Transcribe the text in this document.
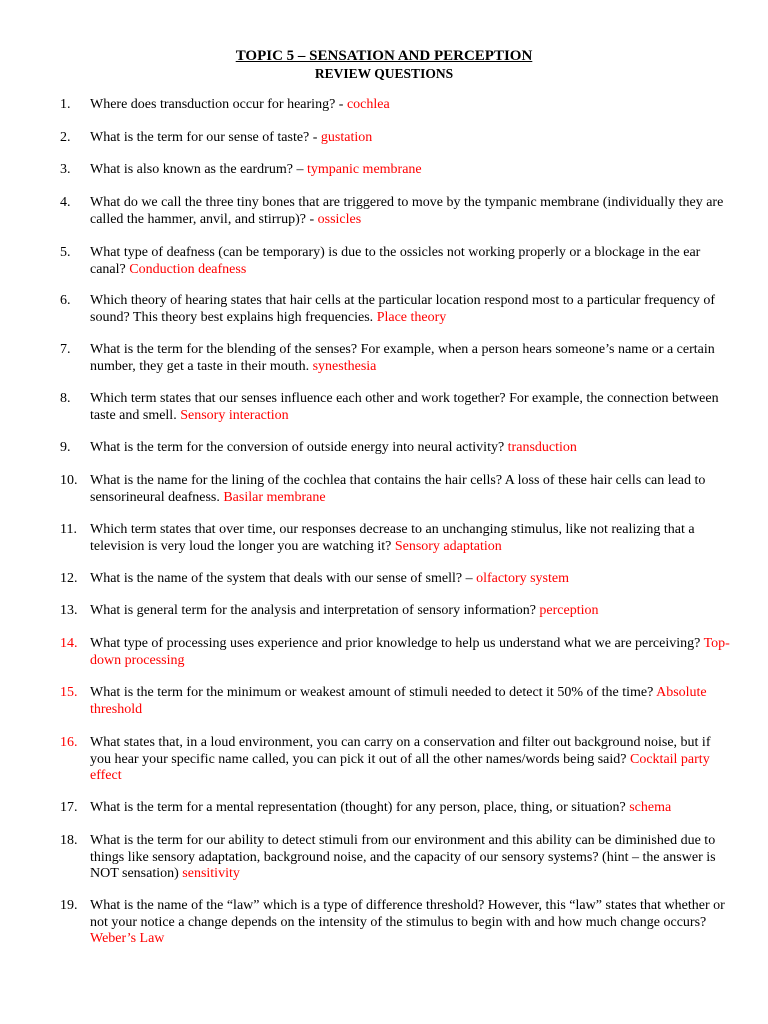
TOPIC 5 – SENSATION AND PERCEPTION
REVIEW QUESTIONS
1.	Where does transduction occur for hearing? - cochlea
2.	What is the term for our sense of taste? - gustation
3.	What is also known as the eardrum? – tympanic membrane
4.	What do we call the three tiny bones that are triggered to move by the tympanic membrane (individually they are called the hammer, anvil, and stirrup)? - ossicles
5.	What type of deafness (can be temporary) is due to the ossicles not working properly or a blockage in the ear canal? Conduction deafness
6.	Which theory of hearing states that hair cells at the particular location respond most to a particular frequency of sound? This theory best explains high frequencies. Place theory
7.	What is the term for the blending of the senses? For example, when a person hears someone’s name or a certain number, they get a taste in their mouth. synesthesia
8.	Which term states that our senses influence each other and work together? For example, the connection between taste and smell. Sensory interaction
9.	What is the term for the conversion of outside energy into neural activity? transduction
10. What is the name for the lining of the cochlea that contains the hair cells? A loss of these hair cells can lead to sensorineural deafness. Basilar membrane
11. Which term states that over time, our responses decrease to an unchanging stimulus, like not realizing that a television is very loud the longer you are watching it? Sensory adaptation
12. What is the name of the system that deals with our sense of smell? – olfactory system
13. What is general term for the analysis and interpretation of sensory information? perception
14. What type of processing uses experience and prior knowledge to help us understand what we are perceiving? Top-down processing
15. What is the term for the minimum or weakest amount of stimuli needed to detect it 50% of the time? Absolute threshold
16. What states that, in a loud environment, you can carry on a conservation and filter out background noise, but if you hear your specific name called, you can pick it out of all the other names/words being said? Cocktail party effect
17. What is the term for a mental representation (thought) for any person, place, thing, or situation? schema
18. What is the term for our ability to detect stimuli from our environment and this ability can be diminished due to things like sensory adaptation, background noise, and the capacity of our sensory systems? (hint – the answer is NOT sensation) sensitivity
19. What is the name of the “law” which is a type of difference threshold? However, this “law” states that whether or not your notice a change depends on the intensity of the stimulus to begin with and how much change occurs? Weber’s Law
